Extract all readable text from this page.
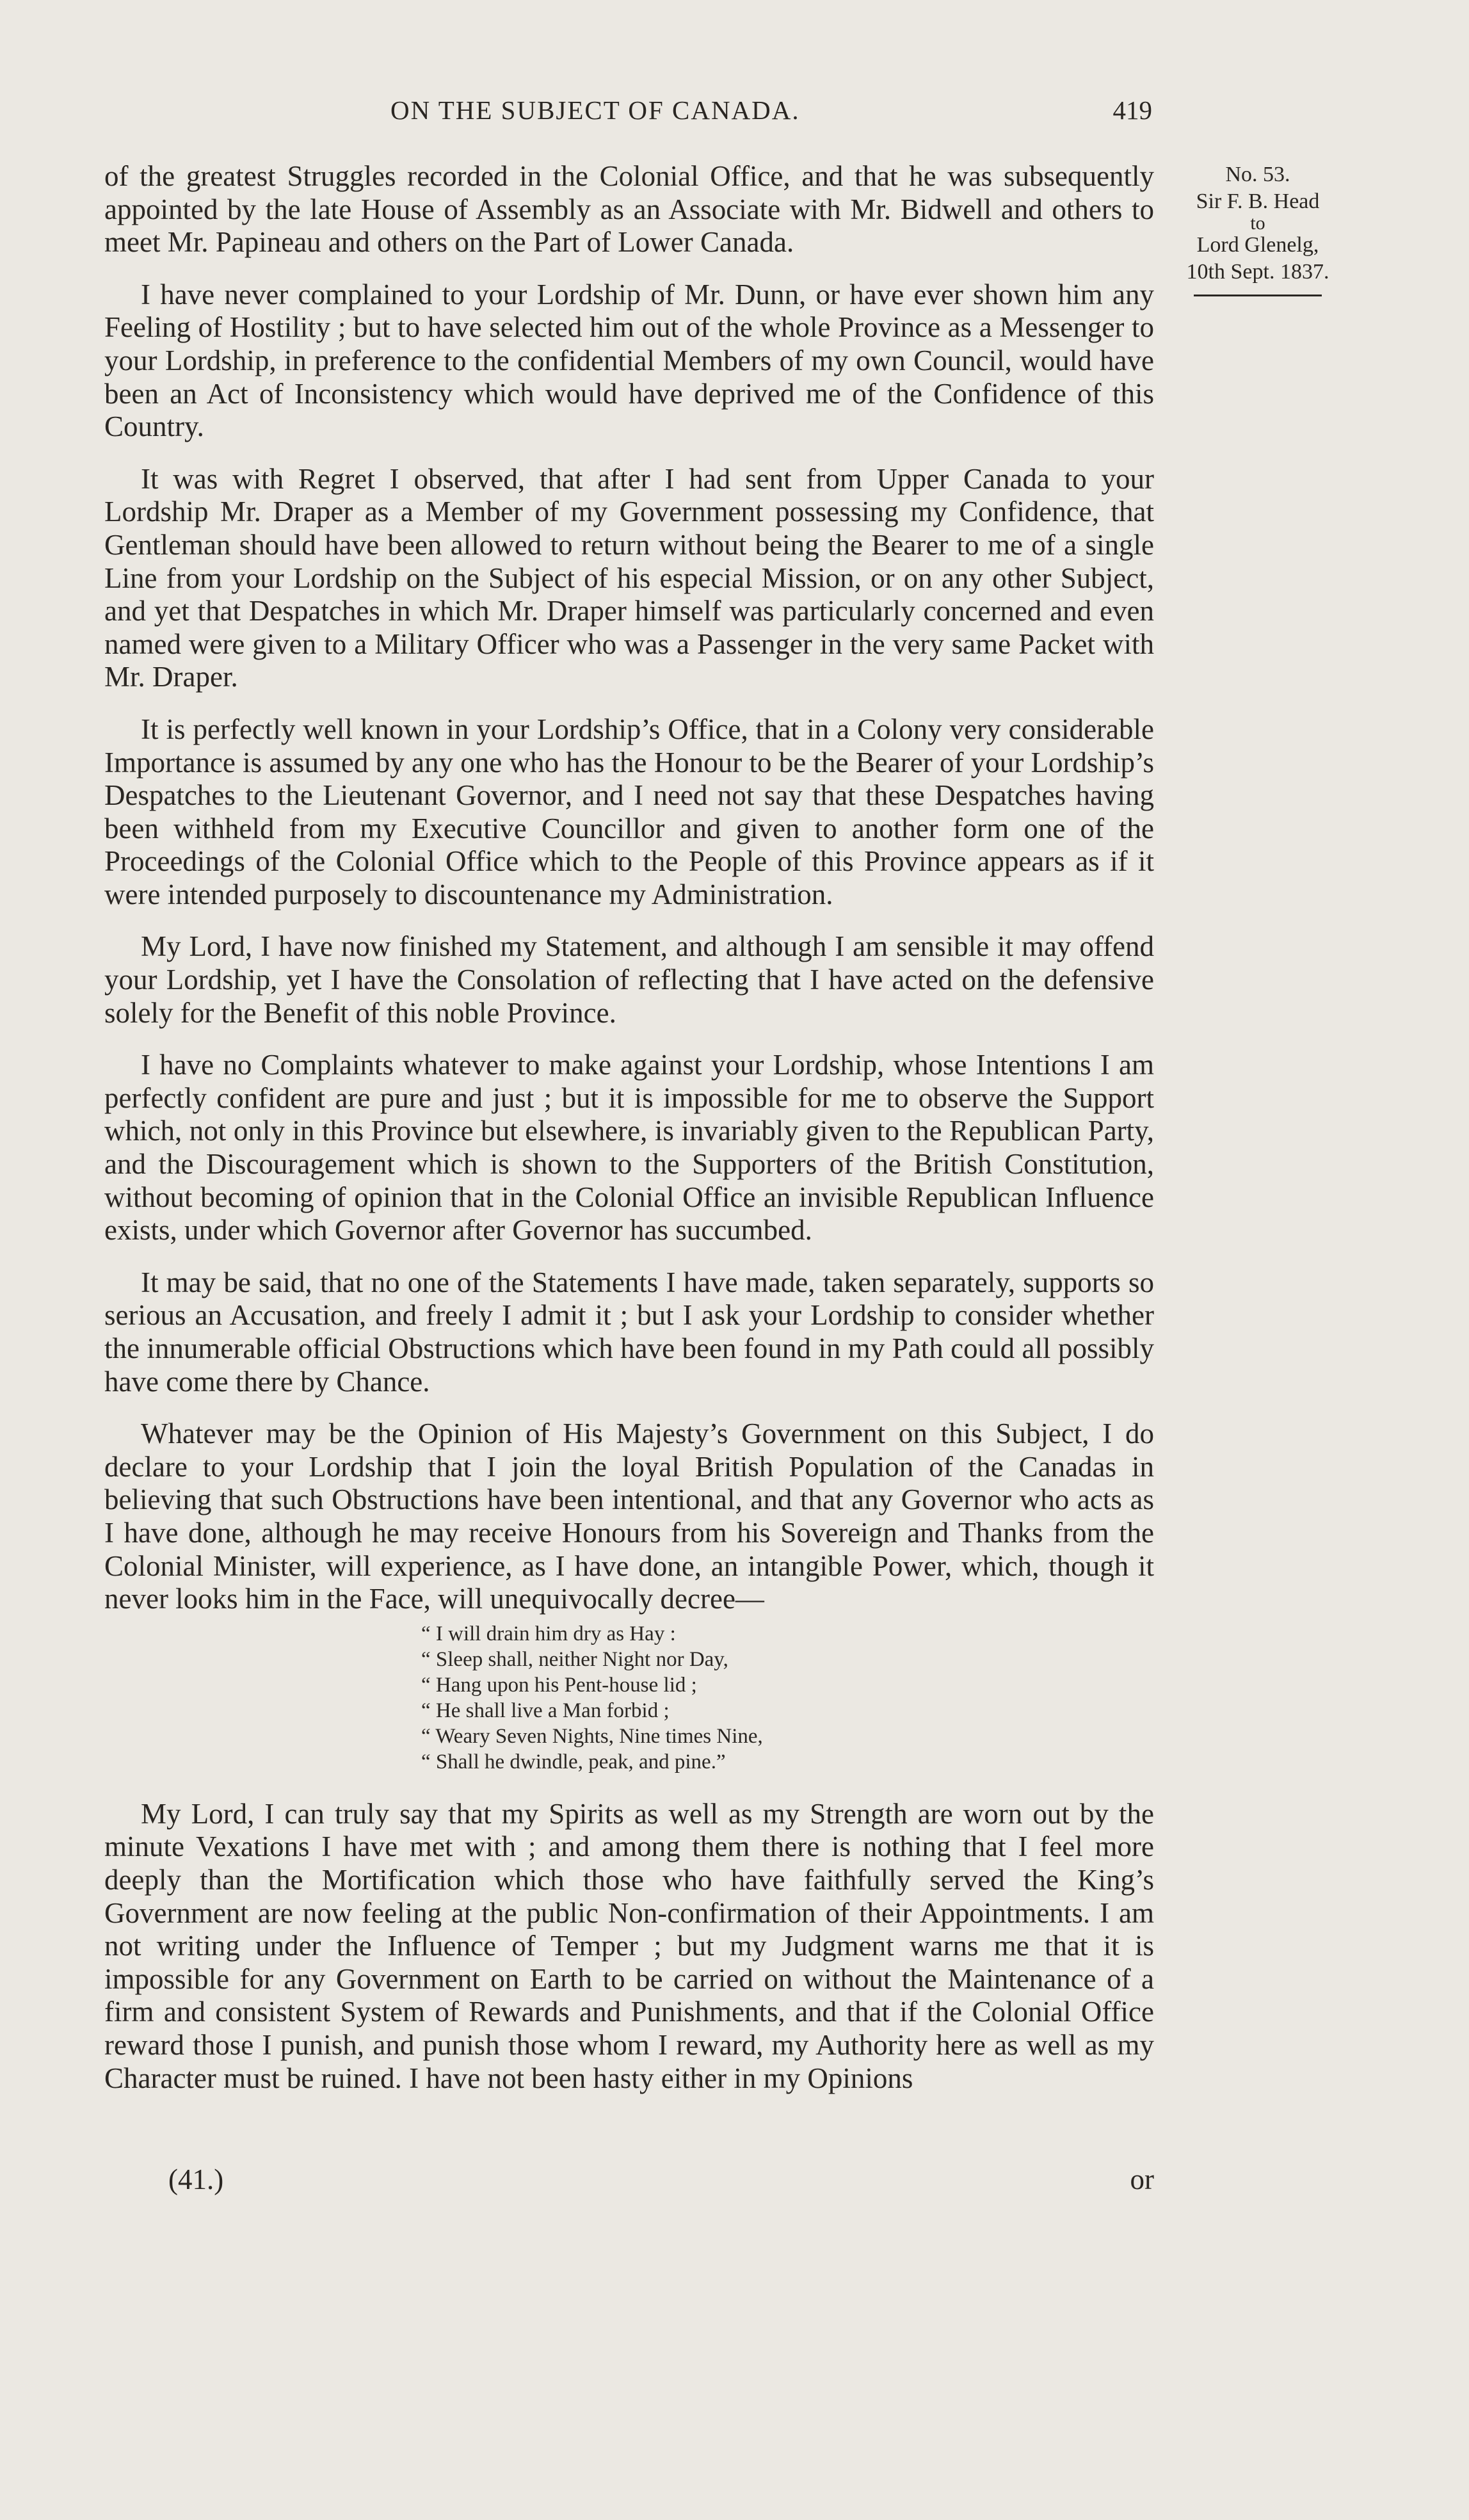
ON THE SUBJECT OF CANADA.	419
No. 53.
Sir F. B. Head
to
Lord Glenelg,
10th Sept. 1837.

of the greatest Struggles recorded in the Colonial Office, and that he was subsequently appointed by the late House of Assembly as an Associate with Mr. Bidwell and others to meet Mr. Papineau and others on the Part of Lower Canada.

I have never complained to your Lordship of Mr. Dunn, or have ever shown him any Feeling of Hostility ; but to have selected him out of the whole Province as a Messenger to your Lordship, in preference to the confidential Members of my own Council, would have been an Act of Inconsistency which would have deprived me of the Confidence of this Country.

It was with Regret I observed, that after I had sent from Upper Canada to your Lordship Mr. Draper as a Member of my Government possessing my Confidence, that Gentleman should have been allowed to return without being the Bearer to me of a single Line from your Lordship on the Subject of his especial Mission, or on any other Subject, and yet that Despatches in which Mr. Draper himself was particularly concerned and even named were given to a Military Officer who was a Passenger in the very same Packet with Mr. Draper.

It is perfectly well known in your Lordship’s Office, that in a Colony very considerable Importance is assumed by any one who has the Honour to be the Bearer of your Lordship’s Despatches to the Lieutenant Governor, and I need not say that these Despatches having been withheld from my Executive Councillor and given to another form one of the Proceedings of the Colonial Office which to the People of this Province appears as if it were intended purposely to discountenance my Administration.

My Lord, I have now finished my Statement, and although I am sensible it may offend your Lordship, yet I have the Consolation of reflecting that I have acted on the defensive solely for the Benefit of this noble Province.

I have no Complaints whatever to make against your Lordship, whose Intentions I am perfectly confident are pure and just ; but it is impossible for me to observe the Support which, not only in this Province but elsewhere, is invariably given to the Republican Party, and the Discouragement which is shown to the Supporters of the British Constitution, without becoming of opinion that in the Colonial Office an invisible Republican Influence exists, under which Governor after Governor has succumbed.

It may be said, that no one of the Statements I have made, taken separately, supports so serious an Accusation, and freely I admit it ; but I ask your Lordship to consider whether the innumerable official Obstructions which have been found in my Path could all possibly have come there by Chance.

Whatever may be the Opinion of His Majesty’s Government on this Subject, I do declare to your Lordship that I join the loyal British Population of the Canadas in believing that such Obstructions have been intentional, and that any Governor who acts as I have done, although he may receive Honours from his Sovereign and Thanks from the Colonial Minister, will experience, as I have done, an intangible Power, which, though it never looks him in the Face, will unequivocally decree—

“ I will drain him dry as Hay :
“ Sleep shall, neither Night nor Day,
“ Hang upon his Pent-house lid ;
“ He shall live a Man forbid ;
“ Weary Seven Nights, Nine times Nine,
“ Shall he dwindle, peak, and pine.”

My Lord, I can truly say that my Spirits as well as my Strength are worn out by the minute Vexations I have met with ; and among them there is nothing that I feel more deeply than the Mortification which those who have faithfully served the King’s Government are now feeling at the public Non-confirmation of their Appointments. I am not writing under the Influence of Temper ; but my Judgment warns me that it is impossible for any Government on Earth to be carried on without the Maintenance of a firm and consistent System of Rewards and Punishments, and that if the Colonial Office reward those I punish, and punish those whom I reward, my Authority here as well as my Character must be ruined. I have not been hasty either in my Opinions

(41.)	or
